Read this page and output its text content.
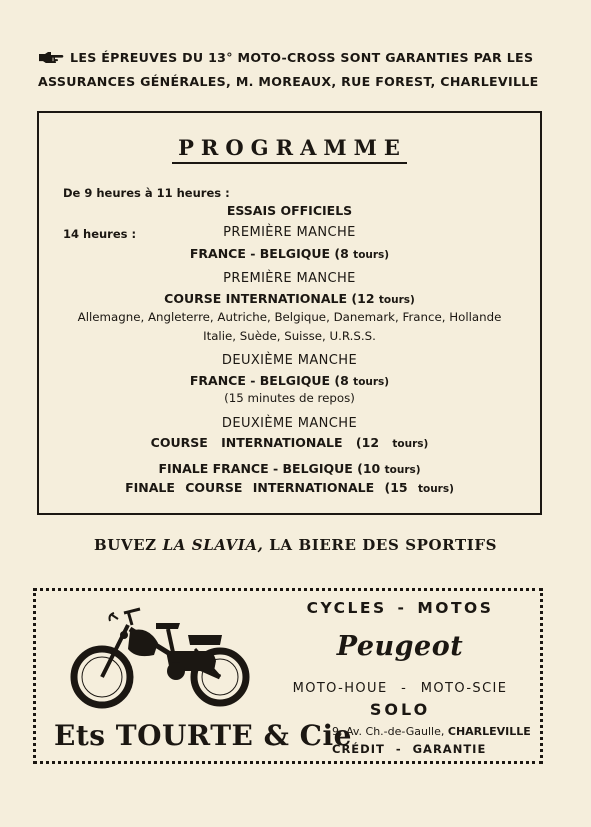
LES ÉPREUVES DU 13° MOTO-CROSS SONT GARANTIES PAR LES
ASSURANCES GÉNÉRALES, M. MOREAUX, RUE FOREST, CHARLEVILLE
PROGRAMME
De 9 heures à 11 heures :
ESSAIS OFFICIELS
14 heures :	PREMIÈRE MANCHE
FRANCE - BELGIQUE (8 tours)
PREMIÈRE MANCHE
COURSE INTERNATIONALE (12 tours)
Allemagne, Angleterre, Autriche, Belgique, Danemark, France, Hollande
Italie, Suède, Suisse, U.R.S.S.
DEUXIÈME MANCHE
FRANCE - BELGIQUE (8 tours)
(15 minutes de repos)
DEUXIÈME MANCHE
COURSE INTERNATIONALE (12 tours)
FINALE FRANCE - BELGIQUE (10 tours)
FINALE COURSE INTERNATIONALE (15 tours)
BUVEZ LA SLAVIA, LA BIERE DES SPORTIFS
CYCLES - MOTOS
Peugeot
MOTO-HOUE - MOTO-SCIE
SOLO
Ets TOURTE & Cie
9, Av. Ch.-de-Gaulle, CHARLEVILLE
CRÉDIT - GARANTIE
